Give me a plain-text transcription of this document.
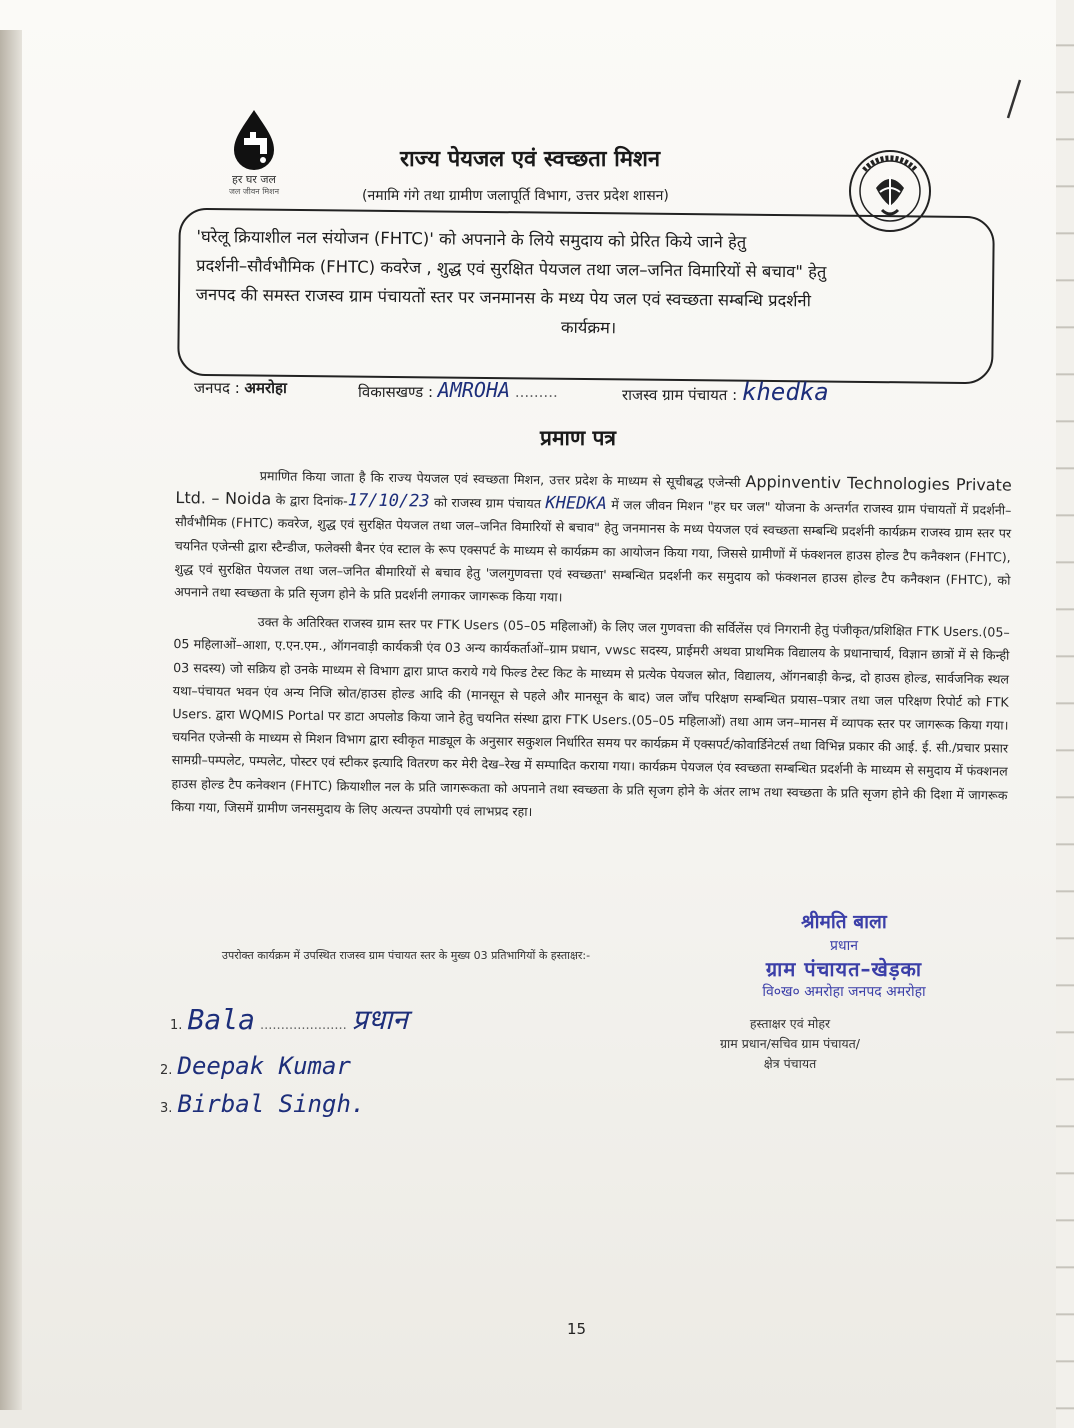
हर घर जल
जल जीवन मिशन
राज्य पेयजल एवं स्वच्छता मिशन
(नमामि गंगे तथा ग्रामीण जलापूर्ति विभाग, उत्तर प्रदेश शासन)
'घरेलू क्रियाशील नल संयोजन (FHTC)' को अपनाने के लिये समुदाय को प्रेरित किये जाने हेतु
प्रदर्शनी–सौर्वभौमिक (FHTC) कवरेज , शुद्ध एवं सुरक्षित पेयजल तथा जल–जनित विमारियों से बचाव" हेतु
जनपद की समस्त राजस्व ग्राम पंचायतों स्तर पर जनमानस के मध्य पेय जल एवं स्वच्छता सम्बन्धि प्रदर्शनी
कार्यक्रम।
जनपद : अमरोहा	विकासखण्ड : AMROHA .........	राजस्व ग्राम पंचायत : khedka
प्रमाण पत्र

प्रमाणित किया जाता है कि राज्य पेयजल एवं स्वच्छता मिशन, उत्तर प्रदेश के माध्यम से सूचीबद्ध एजेन्सी Appinventiv Technologies Private Ltd. – Noida के द्वारा दिनांक-17/10/23 को राजस्व ग्राम पंचायत KHEDKA में जल जीवन मिशन "हर घर जल" योजना के अन्तर्गत राजस्व ग्राम पंचायतों में प्रदर्शनी–सौर्वभौमिक (FHTC) कवरेज, शुद्ध एवं सुरक्षित पेयजल तथा जल–जनित विमारियों से बचाव" हेतु जनमानस के मध्य पेयजल एवं स्वच्छता सम्बन्धि प्रदर्शनी कार्यक्रम राजस्व ग्राम स्तर पर चयनित एजेन्सी द्वारा स्टैन्डीज, फलेक्सी बैनर एंव स्टाल के रूप एक्सपर्ट के माध्यम से कार्यक्रम का आयोजन किया गया, जिससे ग्रामीणों में फंक्शनल हाउस होल्ड टैप कनैक्शन (FHTC), शुद्ध एवं सुरक्षित पेयजल तथा जल–जनित बीमारियों से बचाव हेतु 'जलगुणवत्ता एवं स्वच्छता' सम्बन्धित प्रदर्शनी कर समुदाय को फंक्शनल हाउस होल्ड टैप कनैक्शन (FHTC), को अपनाने तथा स्वच्छता के प्रति सृजग होने के प्रति प्रदर्शनी लगाकर जागरूक किया गया।

उक्त के अतिरिक्त राजस्व ग्राम स्तर पर FTK Users (05–05 महिलाओं) के लिए जल गुणवत्ता की सर्विलेंस एवं निगरानी हेतु पंजीकृत/प्रशिक्षित FTK Users.(05–05 महिलाओं–आशा, ए.एन.एम., ऑगनवाड़ी कार्यकत्री एंव 03 अन्य कार्यकर्ताओं–ग्राम प्रधान, vwsc सदस्य, प्राईमरी अथवा प्राथमिक विद्यालय के प्रधानाचार्य, विज्ञान छात्रों में से किन्ही 03 सदस्य) जो सक्रिय हो उनके माध्यम से विभाग द्वारा प्राप्त कराये गये फिल्ड टेस्ट किट के माध्यम से प्रत्येक पेयजल स्रोत, विद्यालय, ऑगनबाड़ी केन्द्र, दो हाउस होल्ड, सार्वजनिक स्थल यथा–पंचायत भवन एंव अन्य निजि स्रोत/हाउस होल्ड आदि की (मानसून से पहले और मानसून के बाद) जल जाँच परिक्षण सम्बन्धित प्रयास–पत्रार तथा जल परिक्षण रिपोर्ट को FTK Users. द्वारा WQMIS Portal पर डाटा अपलोड किया जाने हेतु चयनित संस्था द्वारा FTK Users.(05–05 महिलाओं) तथा आम जन–मानस में व्यापक स्तर पर जागरूक किया गया। चयनित एजेन्सी के माध्यम से मिशन विभाग द्वारा स्वीकृत माड्यूल के अनुसार सकुशल निर्धारित समय पर कार्यक्रम में एक्सपर्ट/कोवार्डिनेटर्स तथा विभिन्न प्रकार की आई. ई. सी./प्रचार प्रसार सामग्री–पम्पलेट, पम्पलेट, पोस्टर एवं स्टीकर इत्यादि वितरण कर मेरी देख–रेख में सम्पादित कराया गया। कार्यक्रम पेयजल एंव स्वच्छता सम्बन्धित प्रदर्शनी के माध्यम से समुदाय में फंक्शनल हाउस होल्ड टैप कनेक्शन (FHTC) क्रियाशील नल के प्रति जागरूकता को अपनाने तथा स्वच्छता के प्रति सृजग होने के अंतर लाभ तथा स्वच्छता के प्रति सृजग होने की दिशा में जागरूक किया गया, जिसमें ग्रामीण जनसमुदाय के लिए अत्यन्त उपयोगी एवं लाभप्रद रहा।

उपरोक्त कार्यक्रम में उपस्थित राजस्व ग्राम पंचायत स्तर के मुख्य 03 प्रतिभागियों के हस्ताक्षर:-
1. Bala ..................... प्रधान
2. Deepak Kumar
3. Birbal Singh.
श्रीमति बाला
प्रधान
ग्राम पंचायत–खेड़का
वि०ख० अमरोहा जनपद अमरोहा
हस्ताक्षर एवं मोहर
ग्राम प्रधान/सचिव ग्राम पंचायत/
क्षेत्र पंचायत
15
